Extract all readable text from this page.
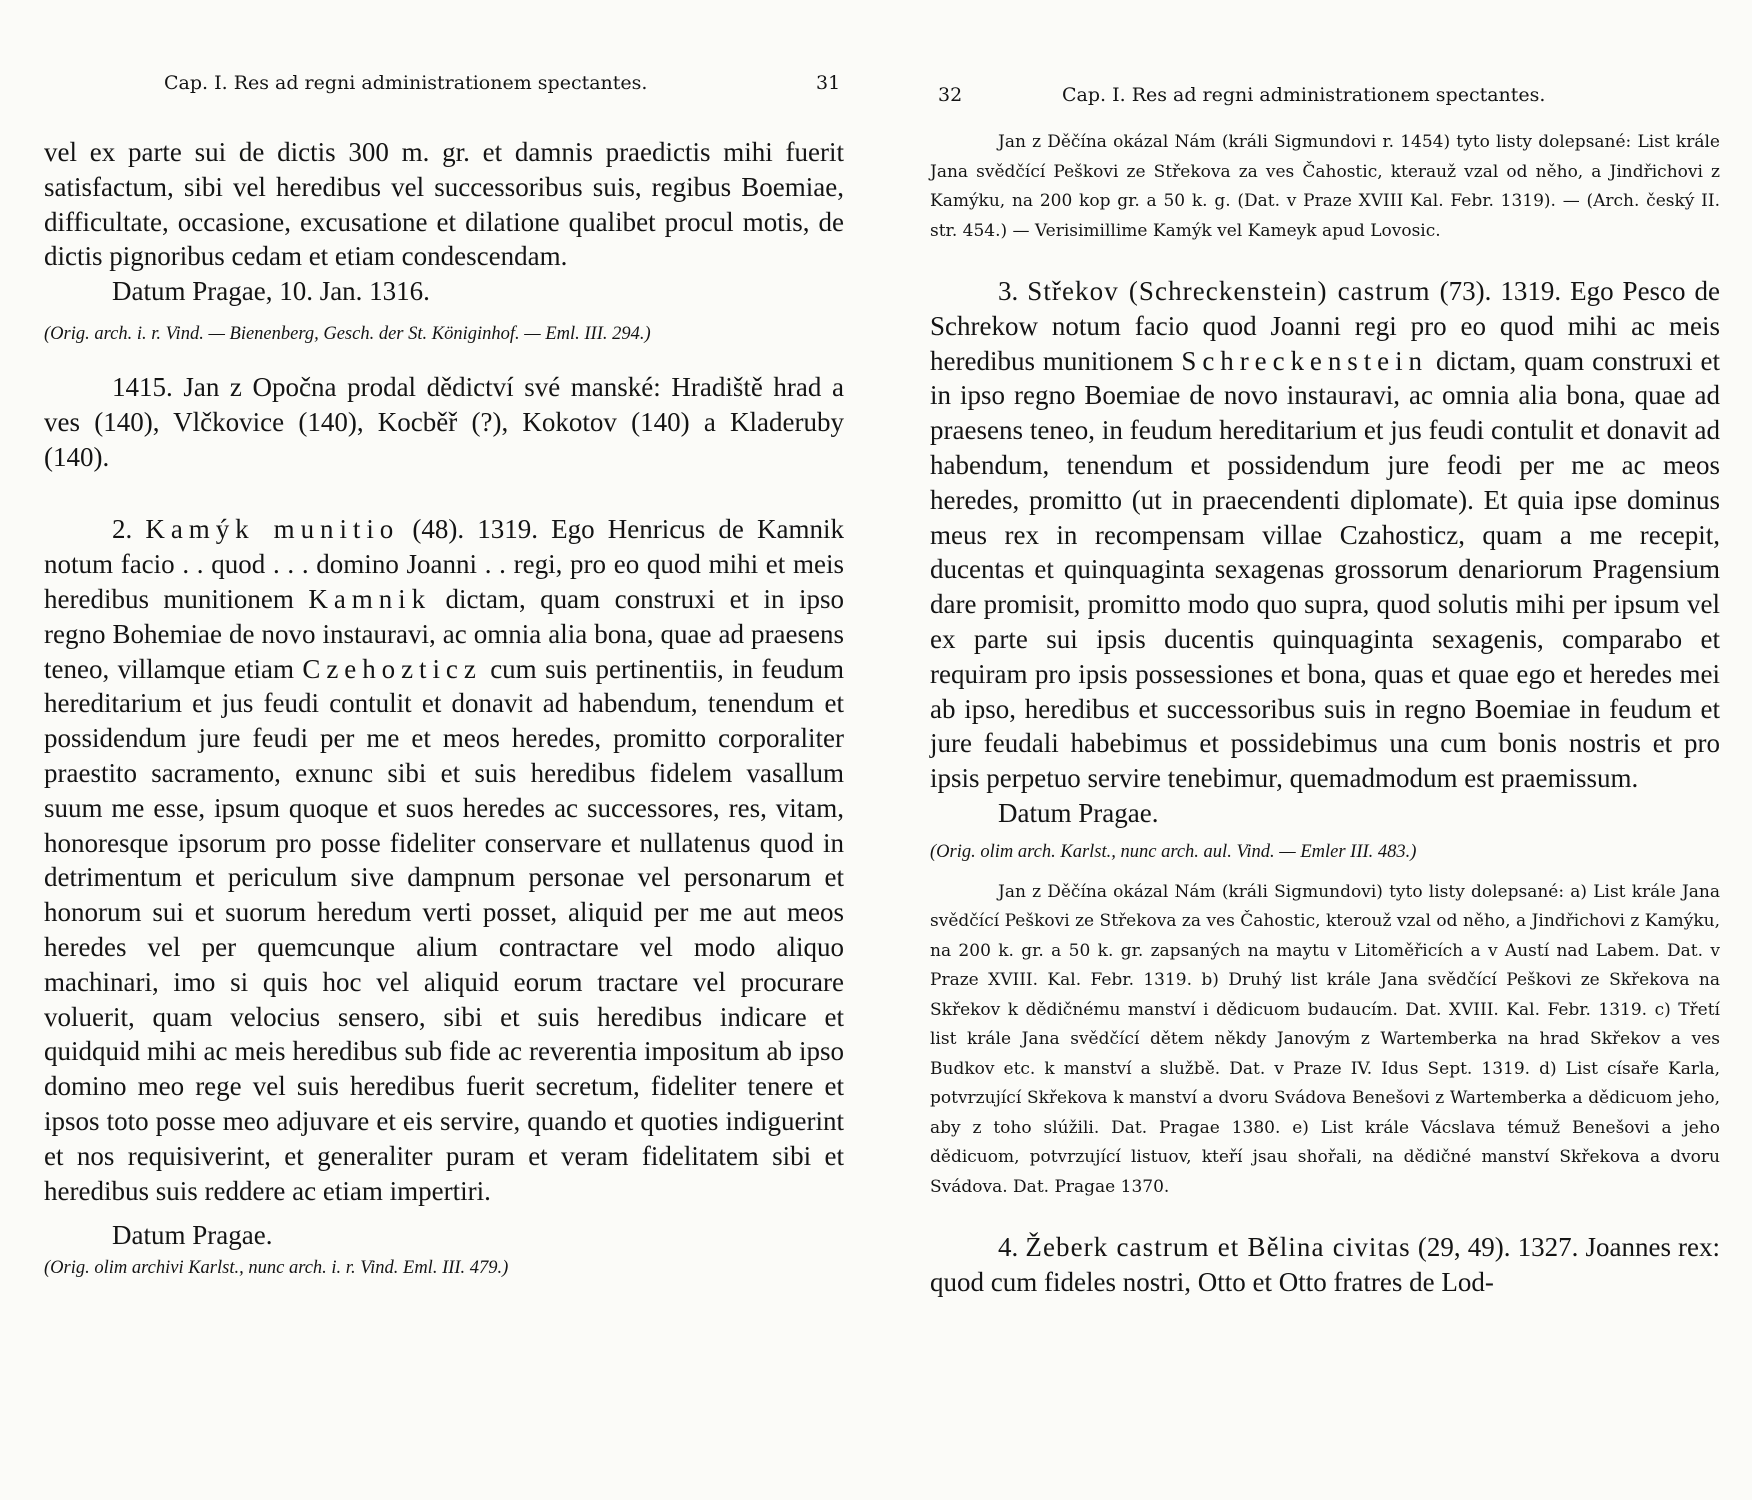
Cap. I. Res ad regni administrationem spectantes.	31

vel ex parte sui de dictis 300 m. gr. et damnis praedictis mihi fuerit satisfactum, sibi vel heredibus vel successoribus suis, regibus Boemiae, difficultate, occasione, excusatione et dilatione qualibet procul motis, de dictis pignoribus cedam et etiam condescendam.

Datum Pragae, 10. Jan. 1316.

(Orig. arch. i. r. Vind. — Bienenberg, Gesch. der St. Königinhof. — Eml. III. 294.)

1415. Jan z Opočna prodal dědictví své manské: Hradiště hrad a ves (140), Vlčkovice (140), Kocběř (?), Kokotov (140) a Kladeruby (140).

2. Kamýk munitio (48). 1319. Ego Henricus de Kamnik notum facio . . quod . . . domino Joanni . . regi, pro eo quod mihi et meis heredibus munitionem Kamnik dictam, quam construxi et in ipso regno Bohemiae de novo instauravi, ac omnia alia bona, quae ad praesens teneo, villamque etiam Czehozticz cum suis pertinentiis, in feudum hereditarium et jus feudi contulit et donavit ad habendum, tenendum et possidendum jure feudi per me et meos heredes, promitto corporaliter praestito sacramento, exnunc sibi et suis heredibus fidelem vasallum suum me esse, ipsum quoque et suos heredes ac successores, res, vitam, honoresque ipsorum pro posse fideliter conservare et nullatenus quod in detrimentum et periculum sive dampnum personae vel personarum et honorum sui et suorum heredum verti posset, aliquid per me aut meos heredes vel per quemcunque alium contractare vel modo aliquo machinari, imo si quis hoc vel aliquid eorum tractare vel procurare voluerit, quam velocius sensero, sibi et suis heredibus indicare et quidquid mihi ac meis heredibus sub fide ac reverentia impositum ab ipso domino meo rege vel suis heredibus fuerit secretum, fideliter tenere et ipsos toto posse meo adjuvare et eis servire, quando et quoties indiguerint et nos requisiverint, et generaliter puram et veram fidelitatem sibi et heredibus suis reddere ac etiam impertiri.

Datum Pragae.

(Orig. olim archivi Karlst., nunc arch. i. r. Vind. Eml. III. 479.)

32	Cap. I. Res ad regni administrationem spectantes.

Jan z Děčína okázal Nám (králi Sigmundovi r. 1454) tyto listy dolepsané: List krále Jana svědčící Peškovi ze Střekova za ves Čahostic, kterauž vzal od něho, a Jindřichovi z Kamýku, na 200 kop gr. a 50 k. g. (Dat. v Praze XVIII Kal. Febr. 1319). — (Arch. český II. str. 454.) — Verisimillime Kamýk vel Kameyk apud Lovosic.

3. Střekov (Schreckenstein) castrum (73). 1319. Ego Pesco de Schrekow notum facio quod Joanni regi pro eo quod mihi ac meis heredibus munitionem Schreckenstein dictam, quam construxi et in ipso regno Boemiae de novo instauravi, ac omnia alia bona, quae ad praesens teneo, in feudum hereditarium et jus feudi contulit et donavit ad habendum, tenendum et possidendum jure feodi per me ac meos heredes, promitto (ut in praecendenti diplomate). Et quia ipse dominus meus rex in recompensam villae Czahosticz, quam a me recepit, ducentas et quinquaginta sexagenas grossorum denariorum Pragensium dare promisit, promitto modo quo supra, quod solutis mihi per ipsum vel ex parte sui ipsis ducentis quinquaginta sexagenis, comparabo et requiram pro ipsis possessiones et bona, quas et quae ego et heredes mei ab ipso, heredibus et successoribus suis in regno Boemiae in feudum et jure feudali habebimus et possidebimus una cum bonis nostris et pro ipsis perpetuo servire tenebimur, quemadmodum est praemissum.

Datum Pragae.

(Orig. olim arch. Karlst., nunc arch. aul. Vind. — Emler III. 483.)

Jan z Děčína okázal Nám (králi Sigmundovi) tyto listy dolepsané: a) List krále Jana svědčící Peškovi ze Střekova za ves Čahostic, kterouž vzal od něho, a Jindřichovi z Kamýku, na 200 k. gr. a 50 k. gr. zapsaných na maytu v Litoměřicích a v Austí nad Labem. Dat. v Praze XVIII. Kal. Febr. 1319. b) Druhý list krále Jana svědčící Peškovi ze Skřekova na Skřekov k dědičnému manství i dědicuom budaucím. Dat. XVIII. Kal. Febr. 1319. c) Třetí list krále Jana svědčící dětem někdy Janovým z Wartemberka na hrad Skřekov a ves Budkov etc. k manství a službě. Dat. v Praze IV. Idus Sept. 1319. d) List císaře Karla, potvrzující Skřekova k manství a dvoru Svádova Benešovi z Wartemberka a dědicuom jeho, aby z toho slúžili. Dat. Pragae 1380. e) List krále Vácslava témuž Benešovi a jeho dědicuom, potvrzující listuov, kteří jsau shořali, na dědičné manství Skřekova a dvoru Svádova. Dat. Pragae 1370.

4. Žeberk castrum et Bělina civitas (29, 49). 1327. Joannes rex: quod cum fideles nostri, Otto et Otto fratres de Lod-
